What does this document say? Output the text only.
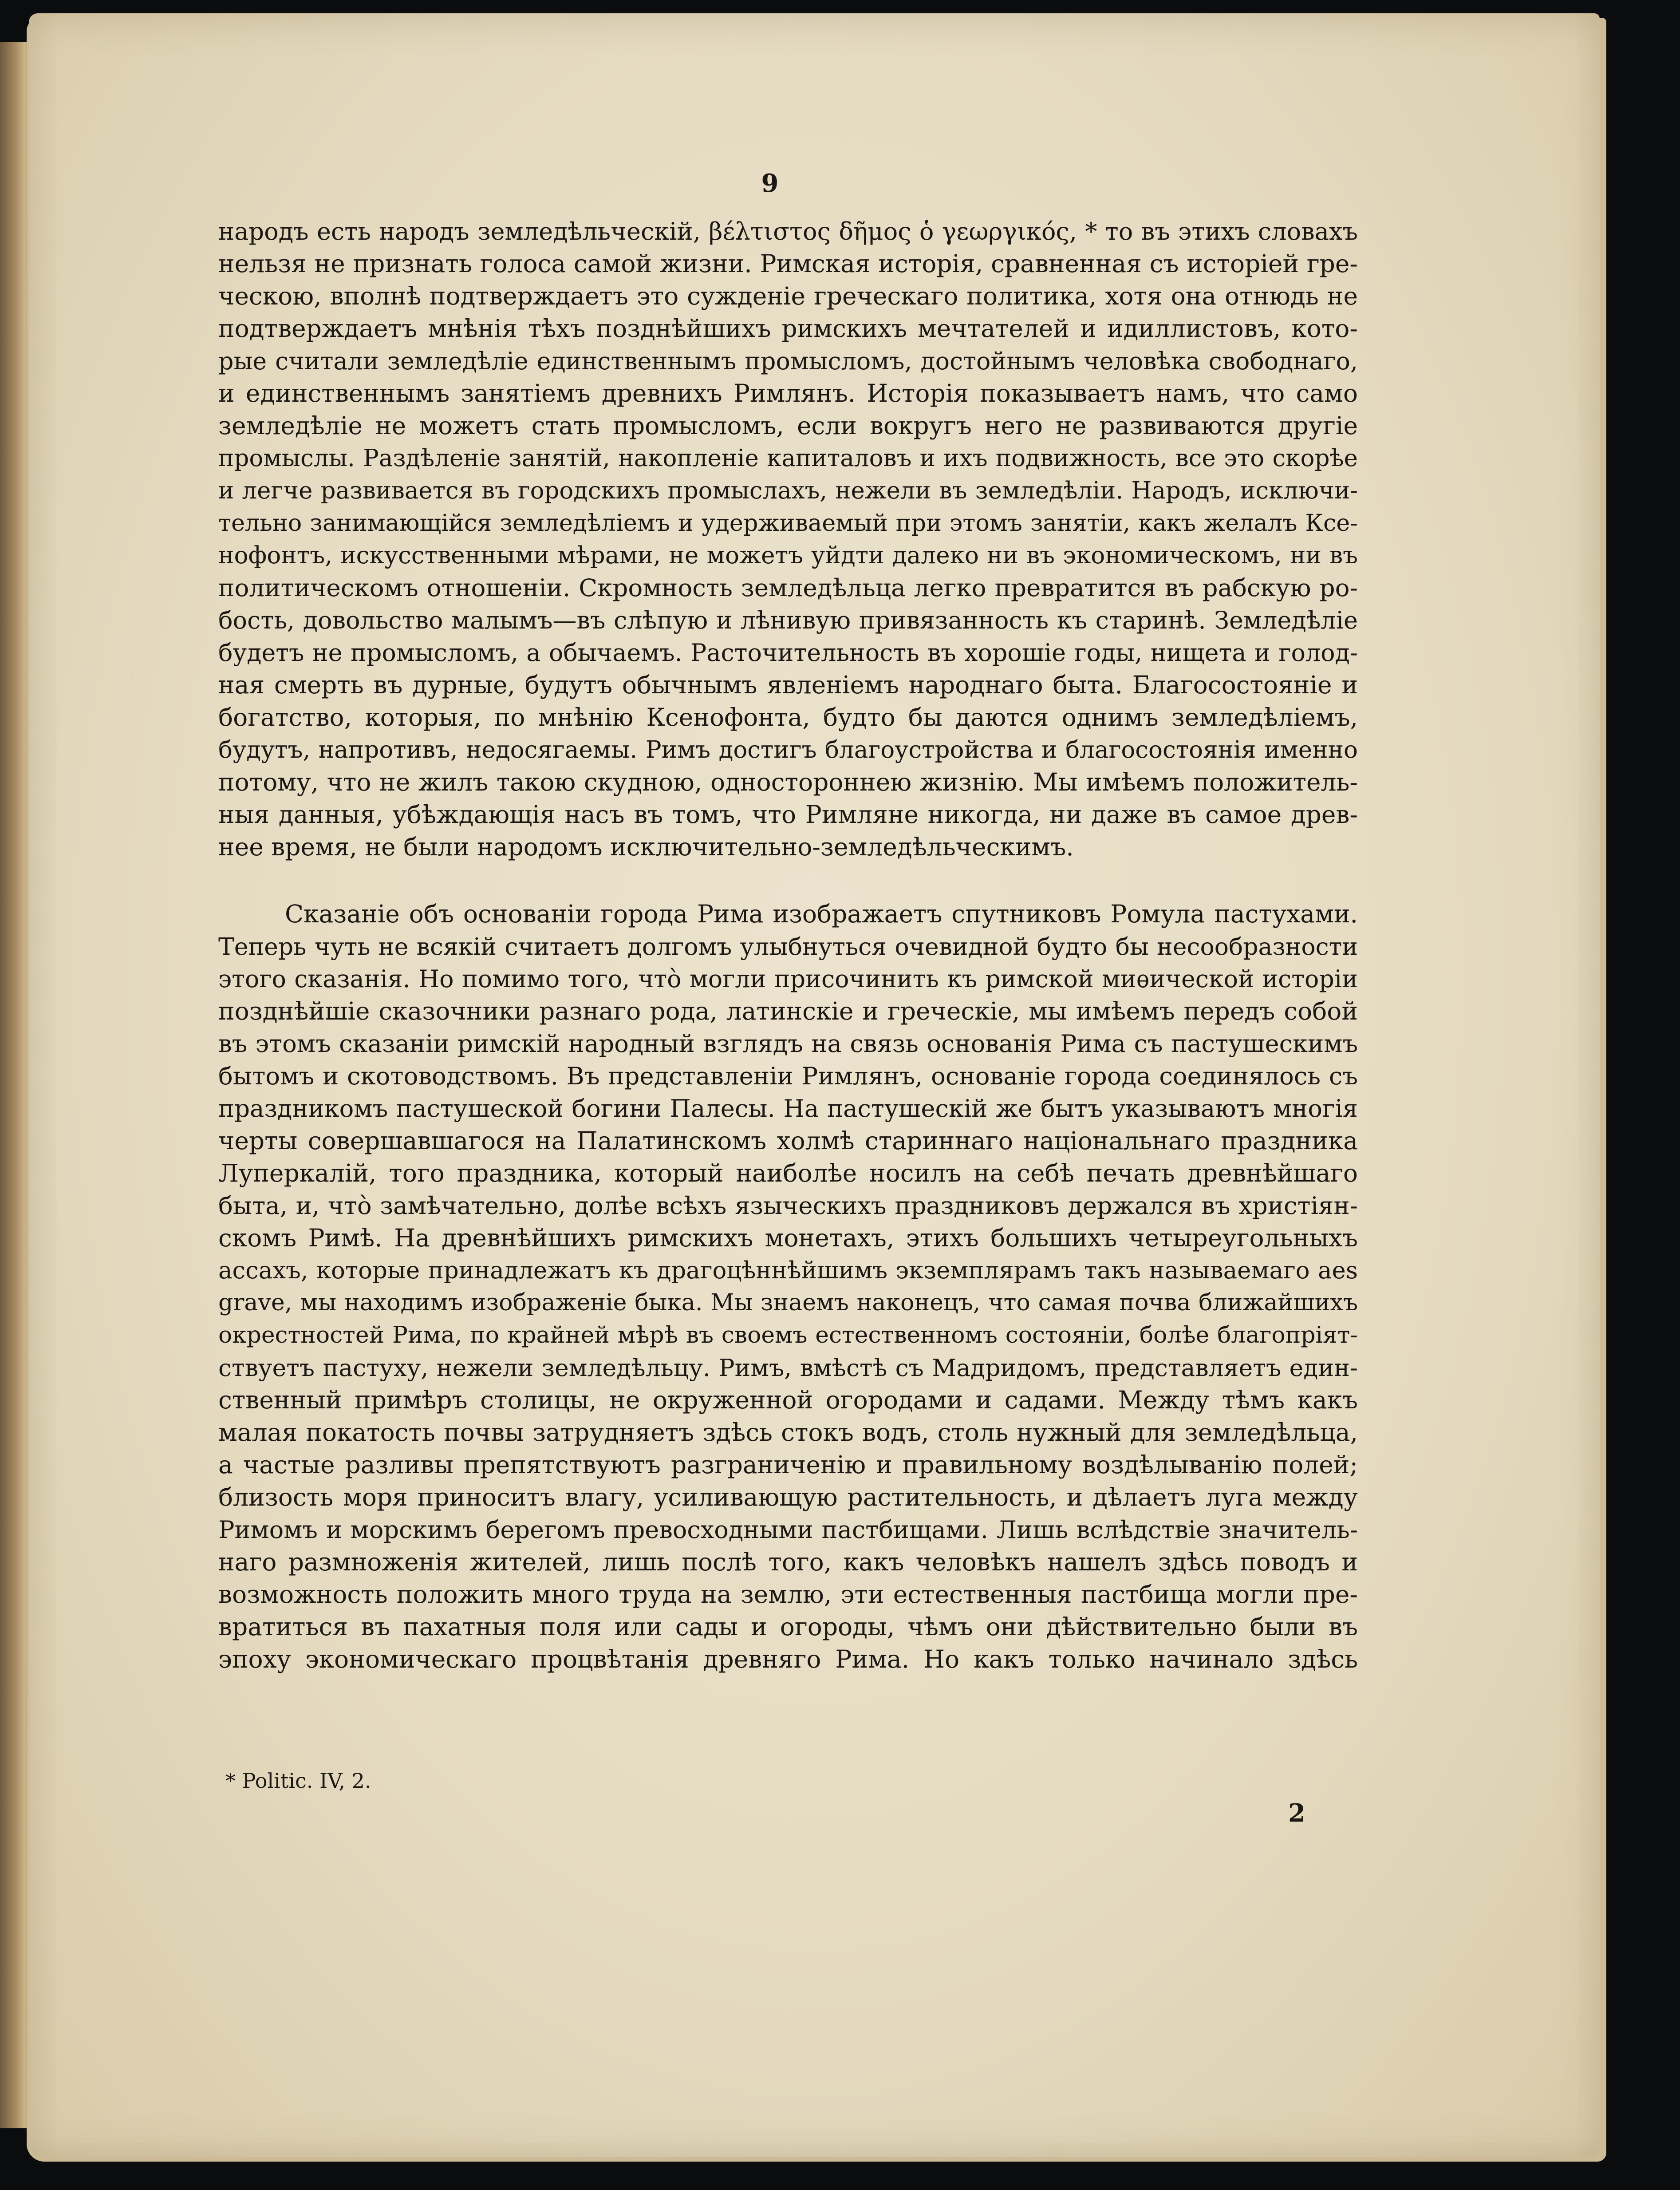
9
народъ есть народъ земледѣльческій, βέλτιστος δῆμος ὁ γεωργικός, * то въ этихъ словахъ
нельзя не признать голоса самой жизни. Римская исторія, сравненная съ исторіей гре-
ческою, вполнѣ подтверждаетъ это сужденіе греческаго политика, хотя она отнюдь не
подтверждаетъ мнѣнія тѣхъ позднѣйшихъ римскихъ мечтателей и идиллистовъ, кото-
рые считали земледѣліе единственнымъ промысломъ, достойнымъ человѣка свободнаго,
и единственнымъ занятіемъ древнихъ Римлянъ. Исторія показываетъ намъ, что само
земледѣліе не можетъ стать промысломъ, если вокругъ него не развиваются другіе
промыслы. Раздѣленіе занятій, накопленіе капиталовъ и ихъ подвижность, все это скорѣе
и легче развивается въ городскихъ промыслахъ, нежели въ земледѣліи. Народъ, исключи-
тельно занимающійся земледѣліемъ и удерживаемый при этомъ занятіи, какъ желалъ Ксе-
нофонтъ, искусственными мѣрами, не можетъ уйдти далеко ни въ экономическомъ, ни въ
политическомъ отношеніи. Скромность земледѣльца легко превратится въ рабскую ро-
бость, довольство малымъ—въ слѣпую и лѣнивую привязанность къ старинѣ. Земледѣліе
будетъ не промысломъ, а обычаемъ. Расточительность въ хорошіе годы, нищета и голод-
ная смерть въ дурные, будутъ обычнымъ явленіемъ народнаго быта. Благосостояніе и
богатство, которыя, по мнѣнію Ксенофонта, будто бы даются однимъ земледѣліемъ,
будутъ, напротивъ, недосягаемы. Римъ достигъ благоустройства и благосостоянія именно
потому, что не жилъ такою скудною, одностороннею жизнію. Мы имѣемъ положитель-
ныя данныя, убѣждающія насъ въ томъ, что Римляне никогда, ни даже въ самое древ-
нее время, не были народомъ исключительно-земледѣльческимъ.
Сказаніе объ основаніи города Рима изображаетъ спутниковъ Ромула пастухами.
Теперь чуть не всякій считаетъ долгомъ улыбнуться очевидной будто бы несообразности
этого сказанія. Но помимо того, что̀ могли присочинить къ римской миѳической исторіи
позднѣйшіе сказочники разнаго рода, латинскіе и греческіе, мы имѣемъ передъ собой
въ этомъ сказаніи римскій народный взглядъ на связь основанія Рима съ пастушескимъ
бытомъ и скотоводствомъ. Въ представленіи Римлянъ, основаніе города соединялось съ
праздникомъ пастушеской богини Палесы. На пастушескій же бытъ указываютъ многія
черты совершавшагося на Палатинскомъ холмѣ стариннаго національнаго праздника
Луперкалій, того праздника, который наиболѣе носилъ на себѣ печать древнѣйшаго
быта, и, что̀ замѣчательно, долѣе всѣхъ языческихъ праздниковъ держался въ христіян-
скомъ Римѣ. На древнѣйшихъ римскихъ монетахъ, этихъ большихъ четыреугольныхъ
ассахъ, которые принадлежатъ къ драгоцѣннѣйшимъ экземплярамъ такъ называемаго aes
grave, мы находимъ изображеніе быка. Мы знаемъ наконецъ, что самая почва ближайшихъ
окрестностей Рима, по крайней мѣрѣ въ своемъ естественномъ состояніи, болѣе благопріят-
ствуетъ пастуху, нежели земледѣльцу. Римъ, вмѣстѣ съ Мадридомъ, представляетъ един-
ственный примѣръ столицы, не окруженной огородами и садами. Между тѣмъ какъ
малая покатость почвы затрудняетъ здѣсь стокъ водъ, столь нужный для земледѣльца,
а частые разливы препятствуютъ разграниченію и правильному воздѣлыванію полей;
близость моря приноситъ влагу, усиливающую растительность, и дѣлаетъ луга между
Римомъ и морскимъ берегомъ превосходными пастбищами. Лишь вслѣдствіе значитель-
наго размноженія жителей, лишь послѣ того, какъ человѣкъ нашелъ здѣсь поводъ и
возможность положить много труда на землю, эти естественныя пастбища могли пре-
вратиться въ пахатныя поля или сады и огороды, чѣмъ они дѣйствительно были въ
эпоху экономическаго процвѣтанія древняго Рима. Но какъ только начинало здѣсь
* Politic. IV, 2.
2
